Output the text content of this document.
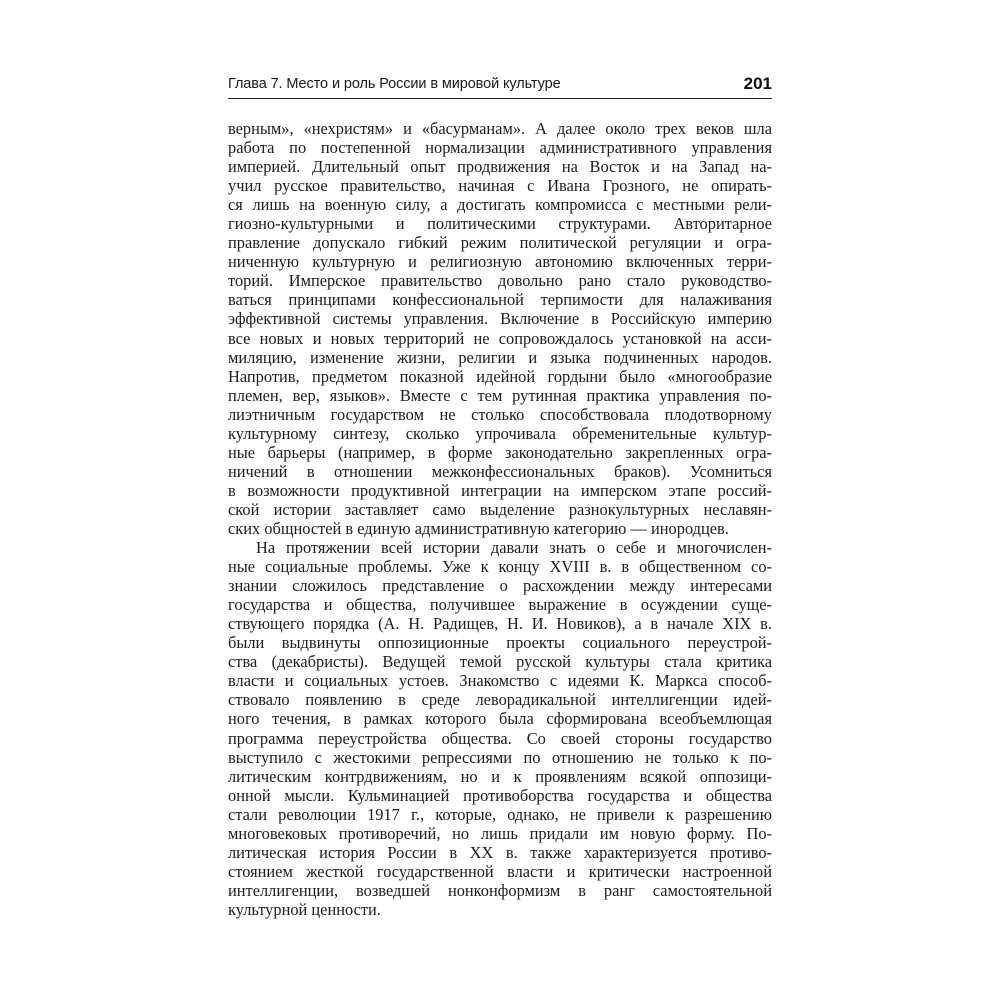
Глава 7. Место и роль России в мировой культуре	201

верным», «нехристям» и «басурманам». А далее около трех веков шла
работа по постепенной нормализации административного управления
империей. Длительный опыт продвижения на Восток и на Запад на-
учил русское правительство, начиная с Ивана Грозного, не опирать-
ся лишь на военную силу, а достигать компромисса с местными рели-
гиозно-культурными и политическими структурами. Авторитарное
правление допускало гибкий режим политической регуляции и огра-
ниченную культурную и религиозную автономию включенных терри-
торий. Имперское правительство довольно рано стало руководство-
ваться принципами конфессиональной терпимости для налаживания
эффективной системы управления. Включение в Российскую империю
все новых и новых территорий не сопровождалось установкой на асси-
миляцию, изменение жизни, религии и языка подчиненных народов.
Напротив, предметом показной идейной гордыни было «многообразие
племен, вер, языков». Вместе с тем рутинная практика управления по-
лиэтничным государством не столько способствовала плодотворному
культурному синтезу, сколько упрочивала обременительные культур-
ные барьеры (например, в форме законодательно закрепленных огра-
ничений в отношении межконфессиональных браков). Усомниться
в возможности продуктивной интеграции на имперском этапе россий-
ской истории заставляет само выделение разнокультурных неславян-
ских общностей в единую административную категорию — инородцев.

На протяжении всей истории давали знать о себе и многочислен-
ные социальные проблемы. Уже к концу XVIII в. в общественном со-
знании сложилось представление о расхождении между интересами
государства и общества, получившее выражение в осуждении суще-
ствующего порядка (А. Н. Радищев, Н. И. Новиков), а в начале XIX в.
были выдвинуты оппозиционные проекты социального переустрой-
ства (декабристы). Ведущей темой русской культуры стала критика
власти и социальных устоев. Знакомство с идеями К. Маркса способ-
ствовало появлению в среде леворадикальной интеллигенции идей-
ного течения, в рамках которого была сформирована всеобъемлющая
программа переустройства общества. Со своей стороны государство
выступило с жестокими репрессиями по отношению не только к по-
литическим контрдвижениям, но и к проявлениям всякой оппозици-
онной мысли. Кульминацией противоборства государства и общества
стали революции 1917 г., которые, однако, не привели к разрешению
многовековых противоречий, но лишь придали им новую форму. По-
литическая история России в XX в. также характеризуется противо-
стоянием жесткой государственной власти и критически настроенной
интеллигенции, возведшей нонконформизм в ранг самостоятельной
культурной ценности.
